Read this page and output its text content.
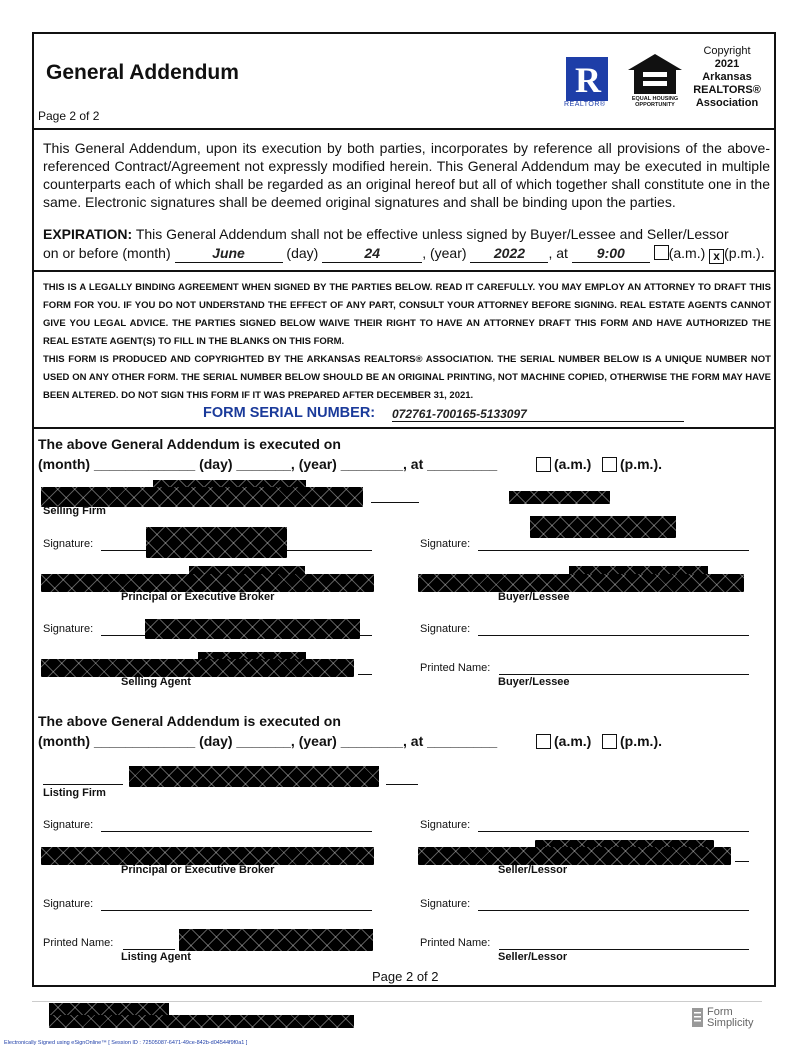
General Addendum
Page 2 of 2
R
REALTOR®
EQUAL HOUSING OPPORTUNITY
Copyright
2021
Arkansas
REALTORS®
Association
This General Addendum, upon its execution by both parties, incorporates by reference all provisions of the above-referenced Contract/Agreement not expressly modified herein. This General Addendum may be executed in multiple counterparts each of which shall be regarded as an original hereof but all of which together shall constitute one in the same. Electronic signatures shall be deemed original signatures and shall be binding upon the parties.
EXPIRATION: This General Addendum shall not be effective unless signed by Buyer/Lessee and Seller/Lessor
on or before (month)	June	(day)	24	, (year) 2022 , at 9:00	(a.m.) x (p.m.).

THIS IS A LEGALLY BINDING AGREEMENT WHEN SIGNED BY THE PARTIES BELOW. READ IT CAREFULLY. YOU MAY EMPLOY AN ATTORNEY TO DRAFT THIS FORM FOR YOU. IF YOU DO NOT UNDERSTAND THE EFFECT OF ANY PART, CONSULT YOUR ATTORNEY BEFORE SIGNING. REAL ESTATE AGENTS CANNOT GIVE YOU LEGAL ADVICE. THE PARTIES SIGNED BELOW WAIVE THEIR RIGHT TO HAVE AN ATTORNEY DRAFT THIS FORM AND HAVE AUTHORIZED THE REAL ESTATE AGENT(S) TO FILL IN THE BLANKS ON THIS FORM.

THIS FORM IS PRODUCED AND COPYRIGHTED BY THE ARKANSAS REALTORS® ASSOCIATION. THE SERIAL NUMBER BELOW IS A UNIQUE NUMBER NOT USED ON ANY OTHER FORM. THE SERIAL NUMBER BELOW SHOULD BE AN ORIGINAL PRINTING, NOT MACHINE COPIED, OTHERWISE THE FORM MAY HAVE BEEN ALTERED. DO NOT SIGN THIS FORM IF IT WAS PREPARED AFTER DECEMBER 31, 2021.

FORM SERIAL NUMBER: 072761-700165-5133097
The above General Addendum is executed on
(month) _____________ (day) _______, (year) ________, at _________	(a.m.) (p.m.).
Selling Firm
Signature:	Signature:
Principal or Executive Broker	Buyer/Lessee
Signature:	Signature:
Printed Name:
Selling Agent	Buyer/Lessee
The above General Addendum is executed on
(month) _____________ (day) _______, (year) ________, at _________	(a.m.) (p.m.).
Listing Firm
Signature:	Signature:
Principal or Executive Broker	Seller/Lessor
Signature:	Signature:
Printed Name:	Printed Name:
Listing Agent	Seller/Lessor
Page 2 of 2
Electronically Signed using eSignOnline™ [ Session ID : 72505087-6471-49ce-842b-d04544f9f0a1 ]
Form
Simplicity
